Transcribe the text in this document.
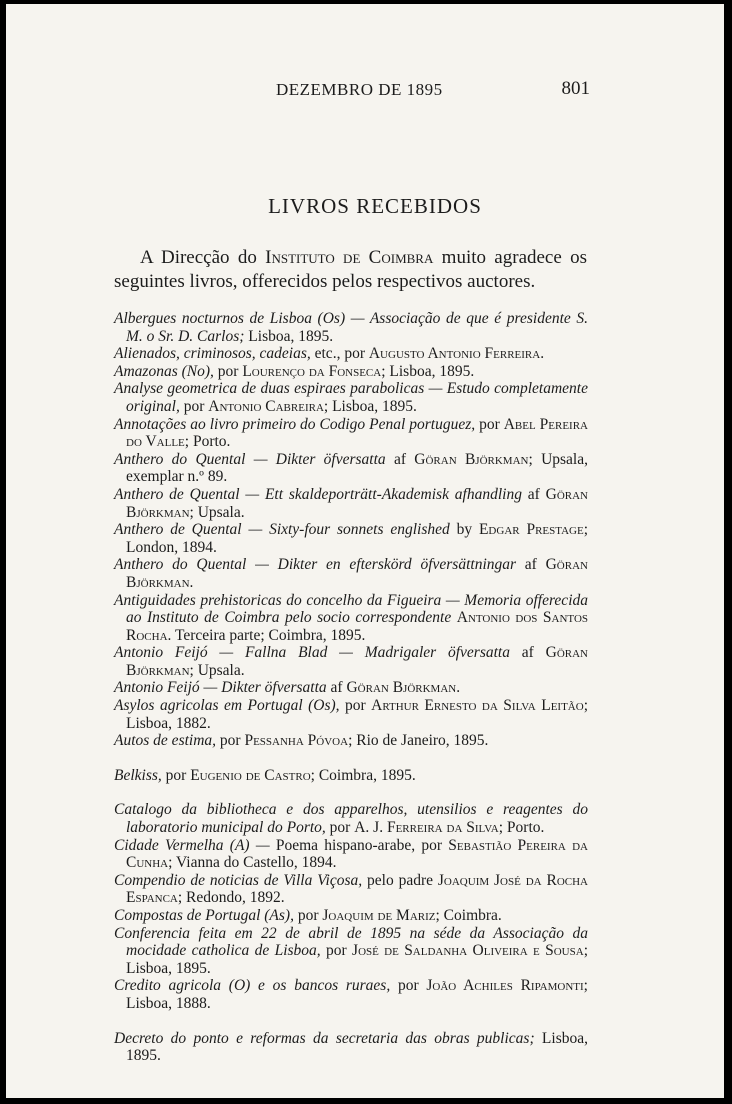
DEZEMBRO DE 1895	801
LIVROS RECEBIDOS

A Direcção do Instituto de Coimbra muito agradece os seguintes livros, offerecidos pelos respectivos auctores.

Albergues nocturnos de Lisboa (Os) — Associação de que é presidente S. M. o Sr. D. Carlos; Lisboa, 1895.
Alienados, criminosos, cadeias, etc., por Augusto Antonio Ferreira.
Amazonas (No), por Lourenço da Fonseca; Lisboa, 1895.
Analyse geometrica de duas espiraes parabolicas — Estudo completamente original, por Antonio Cabreira; Lisboa, 1895.
Annotações ao livro primeiro do Codigo Penal portuguez, por Abel Pereira do Valle; Porto.
Anthero do Quental — Dikter öfversatta af Göran Björkman; Upsala, exemplar n.º 89.
Anthero de Quental — Ett skaldeporträtt-Akademisk afhandling af Göran Björkman; Upsala.
Anthero de Quental — Sixty-four sonnets englished by Edgar Prestage; London, 1894.
Anthero do Quental — Dikter en efterskörd öfversättningar af Göran Björkman.
Antiguidades prehistoricas do concelho da Figueira — Memoria offerecida ao Instituto de Coimbra pelo socio correspondente Antonio dos Santos Rocha. Terceira parte; Coimbra, 1895.
Antonio Feijó — Fallna Blad — Madrigaler öfversatta af Göran Björkman; Upsala.
Antonio Feijó — Dikter öfversatta af Göran Björkman.
Asylos agricolas em Portugal (Os), por Arthur Ernesto da Silva Leitão; Lisboa, 1882.
Autos de estima, por Pessanha Póvoa; Rio de Janeiro, 1895.
Belkiss, por Eugenio de Castro; Coimbra, 1895.
Catalogo da bibliotheca e dos apparelhos, utensilios e reagentes do laboratorio municipal do Porto, por A. J. Ferreira da Silva; Porto.
Cidade Vermelha (A) — Poema hispano-arabe, por Sebastião Pereira da Cunha; Vianna do Castello, 1894.
Compendio de noticias de Villa Viçosa, pelo padre Joaquim José da Rocha Espanca; Redondo, 1892.
Compostas de Portugal (As), por Joaquim de Mariz; Coimbra.
Conferencia feita em 22 de abril de 1895 na séde da Associação da mocidade catholica de Lisboa, por José de Saldanha Oliveira e Sousa; Lisboa, 1895.
Credito agricola (O) e os bancos ruraes, por João Achiles Ripamonti; Lisboa, 1888.
Decreto do ponto e reformas da secretaria das obras publicas; Lisboa, 1895.
